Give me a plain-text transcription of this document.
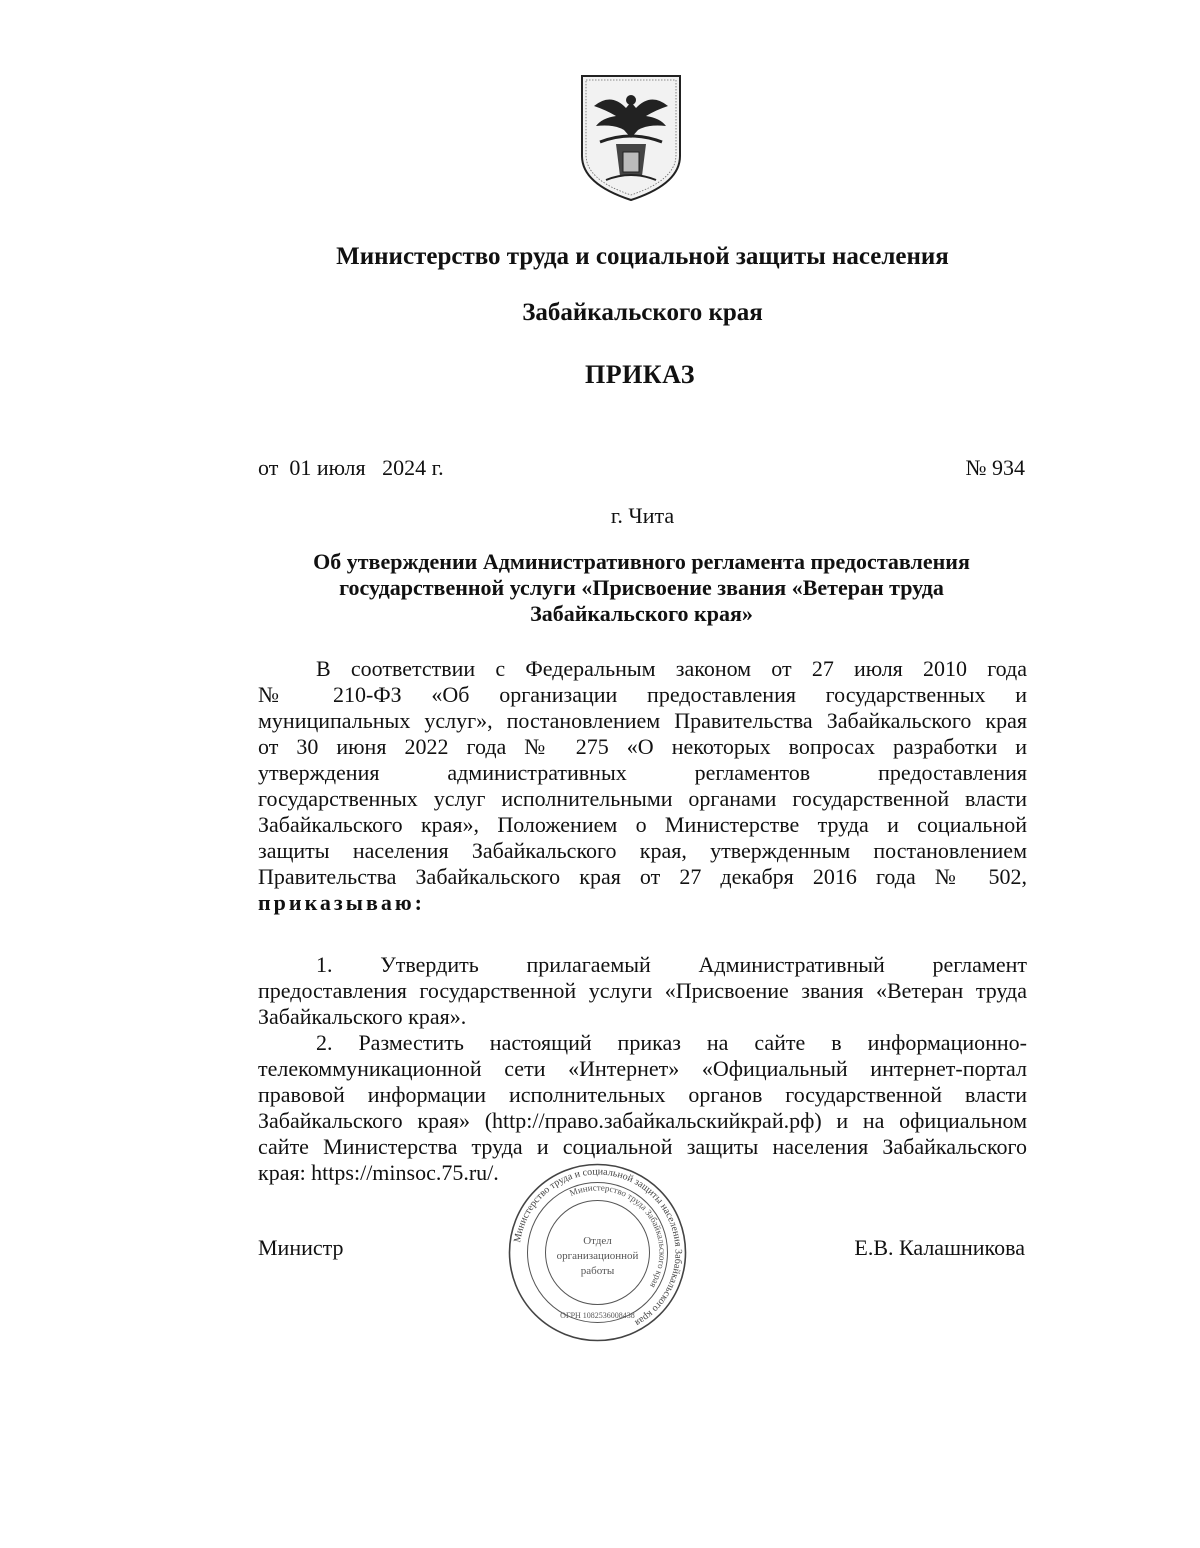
Министерство труда и социальной защиты населения
Забайкальского края
ПРИКАЗ
от  01 июля   2024 г.	№ 934
г. Чита
Об утверждении Административного регламента предоставления
государственной услуги «Присвоение звания «Ветеран труда
Забайкальского края»
В соответствии с Федеральным законом от 27 июля 2010 года
№ 210-ФЗ «Об организации предоставления государственных и
муниципальных услуг», постановлением Правительства Забайкальского края
от 30 июня 2022 года № 275 «О некоторых вопросах разработки и
утверждения административных регламентов предоставления
государственных услуг исполнительными органами государственной власти
Забайкальского края», Положением о Министерстве труда и социальной
защиты населения Забайкальского края, утвержденным постановлением
Правительства Забайкальского края от 27 декабря 2016 года № 502,
приказываю:
1. Утвердить прилагаемый Административный регламент
предоставления государственной услуги «Присвоение звания «Ветеран труда
Забайкальского края».
2. Разместить настоящий приказ на сайте в информационно-
телекоммуникационной сети «Интернет» «Официальный интернет-портал
правовой информации исполнительных органов государственной власти
Забайкальского края» (http://право.забайкальскийкрай.рф) и на официальном
сайте Министерства труда и социальной защиты населения Забайкальского
края: https://minsoc.75.ru/.
Министр	Е.В. Калашникова
Министерство труда и социальной защиты населения Забайкальского края
Министерство труда Забайкальского края
Отдел
организационной
работы
ОГРН 1082536008438
